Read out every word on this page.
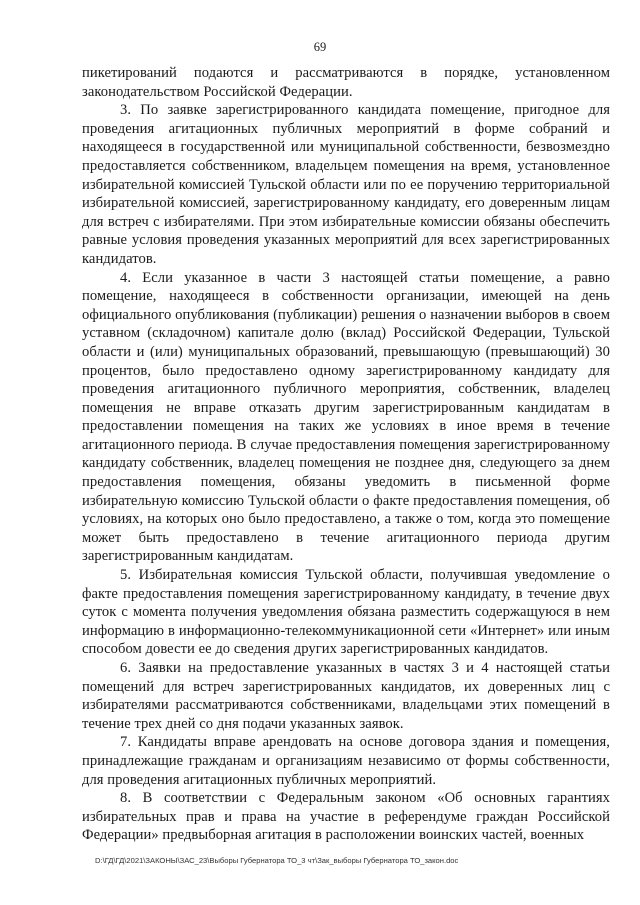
69

пикетирований подаются и рассматриваются в порядке, установленном законодательством Российской Федерации.

3. По заявке зарегистрированного кандидата помещение, пригодное для проведения агитационных публичных мероприятий в форме собраний и находящееся в государственной или муниципальной собственности, безвозмездно предоставляется собственником, владельцем помещения на время, установленное избирательной комиссией Тульской области или по ее поручению территориальной избирательной комиссией, зарегистрированному кандидату, его доверенным лицам для встреч с избирателями. При этом избирательные комиссии обязаны обеспечить равные условия проведения указанных мероприятий для всех зарегистрированных кандидатов.

4. Если указанное в части 3 настоящей статьи помещение, а равно помещение, находящееся в собственности организации, имеющей на день официального опубликования (публикации) решения о назначении выборов в своем уставном (складочном) капитале долю (вклад) Российской Федерации, Тульской области и (или) муниципальных образований, превышающую (превышающий) 30 процентов, было предоставлено одному зарегистрированному кандидату для проведения агитационного публичного мероприятия, собственник, владелец помещения не вправе отказать другим зарегистрированным кандидатам в предоставлении помещения на таких же условиях в иное время в течение агитационного периода. В случае предоставления помещения зарегистрированному кандидату собственник, владелец помещения не позднее дня, следующего за днем предоставления помещения, обязаны уведомить в письменной форме избирательную комиссию Тульской области о факте предоставления помещения, об условиях, на которых оно было предоставлено, а также о том, когда это помещение может быть предоставлено в течение агитационного периода другим зарегистрированным кандидатам.

5. Избирательная комиссия Тульской области, получившая уведомление о факте предоставления помещения зарегистрированному кандидату, в течение двух суток с момента получения уведомления обязана разместить содержащуюся в нем информацию в информационно-телекоммуникационной сети «Интернет» или иным способом довести ее до сведения других зарегистрированных кандидатов.

6. Заявки на предоставление указанных в частях 3 и 4 настоящей статьи помещений для встреч зарегистрированных кандидатов, их доверенных лиц с избирателями рассматриваются собственниками, владельцами этих помещений в течение трех дней со дня подачи указанных заявок.

7. Кандидаты вправе арендовать на основе договора здания и помещения, принадлежащие гражданам и организациям независимо от формы собственности, для проведения агитационных публичных мероприятий.

8. В соответствии с Федеральным законом «Об основных гарантиях избирательных прав и права на участие в референдуме граждан Российской Федерации» предвыборная агитация в расположении воинских частей, военных

D:\ГД\ГД\2021\ЗАКОНЫ\ЗАС_23\Выборы Губернатора ТО_3 чт\Зак_выборы Губернатора ТО_закон.doc
